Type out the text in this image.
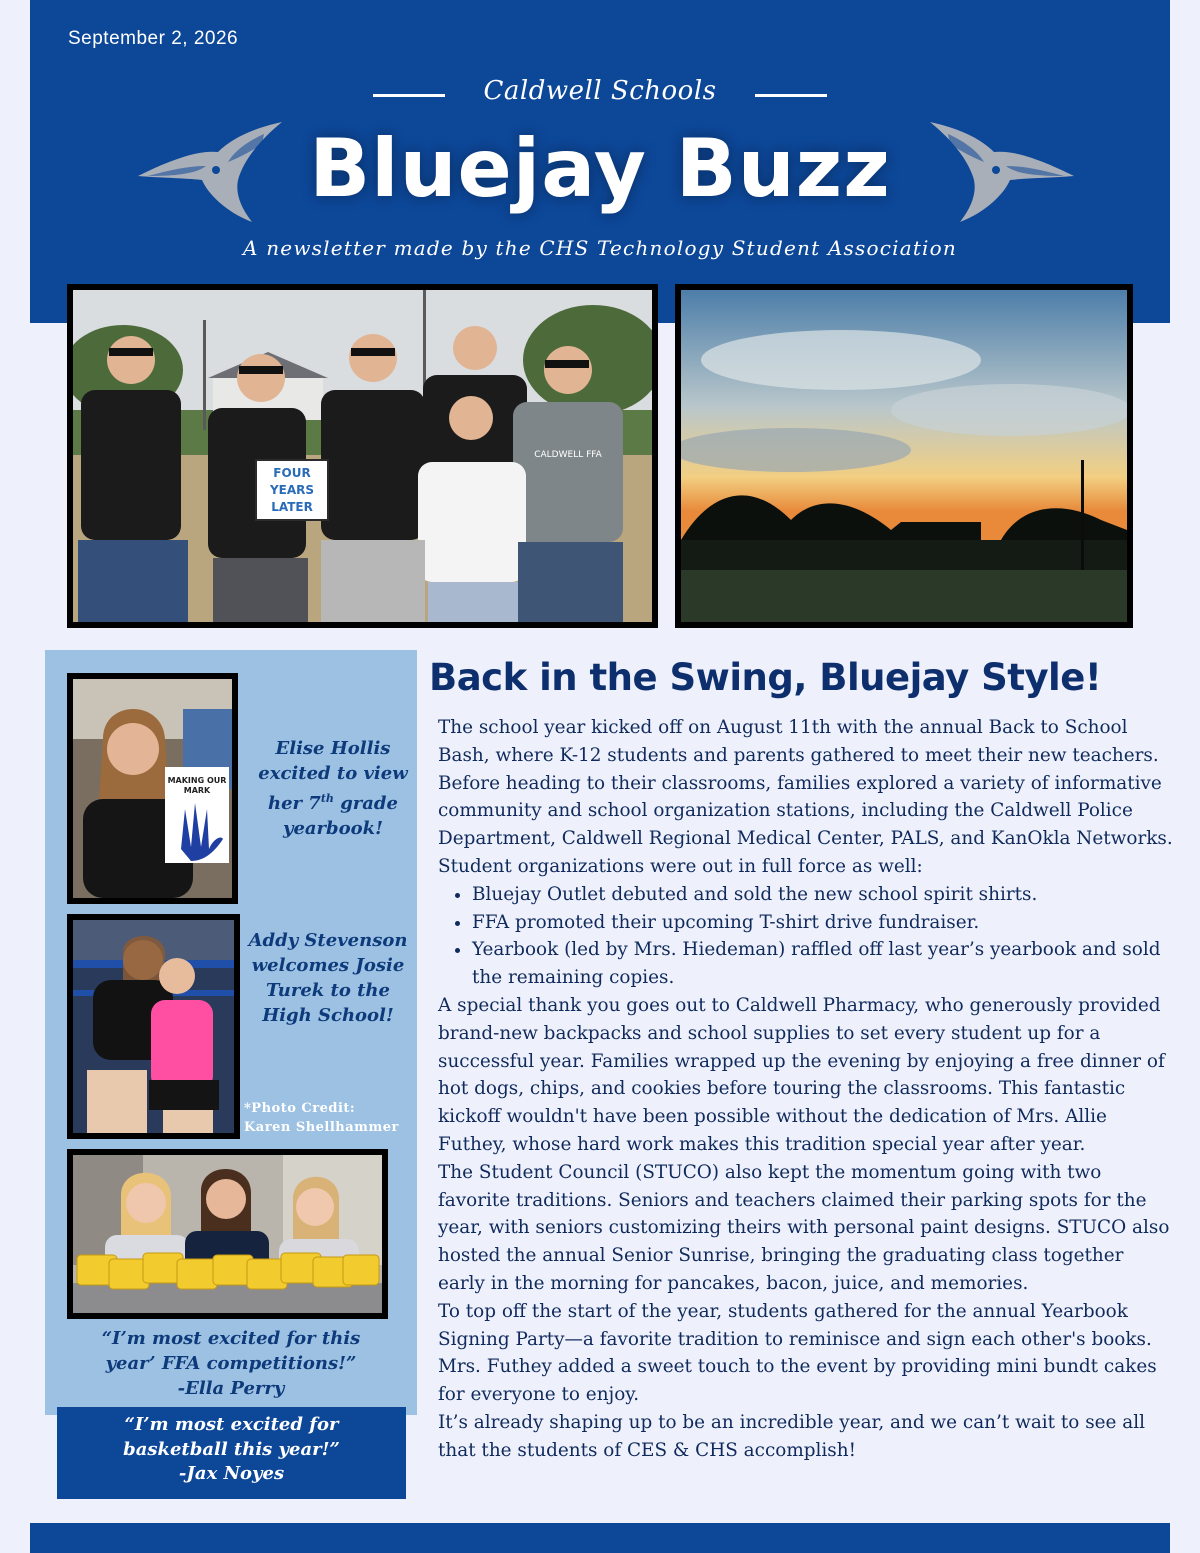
September 2, 2026
Caldwell Schools
Bluejay Buzz
A newsletter made by the CHS Technology Student Association
FOUR
YEARS
LATER
CALDWELL FFA
MAKING OUR
MARK
Elise Hollis
excited to view
her 7th grade
yearbook!
Addy Stevenson
welcomes Josie
Turek to the
High School!
*Photo Credit:
Karen Shellhammer
“I’m most excited for this
year’ FFA competitions!”
-Ella Perry
“I’m most excited for
basketball this year!”
-Jax Noyes
Back in the Swing, Bluejay Style!

The school year kicked off on August 11th with the annual Back to School Bash, where K-12 students and parents gathered to meet their new teachers. Before heading to their classrooms, families explored a variety of informative community and school organization stations, including the Caldwell Police Department, Caldwell Regional Medical Center, PALS, and KanOkla Networks.

Student organizations were out in full force as well:

• Bluejay Outlet debuted and sold the new school spirit shirts.
• FFA promoted their upcoming T-shirt drive fundraiser.
• Yearbook (led by Mrs. Hiedeman) raffled off last year’s yearbook and sold the remaining copies.

A special thank you goes out to Caldwell Pharmacy, who generously provided brand-new backpacks and school supplies to set every student up for a successful year. Families wrapped up the evening by enjoying a free dinner of hot dogs, chips, and cookies before touring the classrooms. This fantastic kickoff wouldn't have been possible without the dedication of Mrs. Allie Futhey, whose hard work makes this tradition special year after year.

The Student Council (STUCO) also kept the momentum going with two favorite traditions. Seniors and teachers claimed their parking spots for the year, with seniors customizing theirs with personal paint designs. STUCO also hosted the annual Senior Sunrise, bringing the graduating class together early in the morning for pancakes, bacon, juice, and memories.

To top off the start of the year, students gathered for the annual Yearbook Signing Party—a favorite tradition to reminisce and sign each other's books. Mrs. Futhey added a sweet touch to the event by providing mini bundt cakes for everyone to enjoy.

It’s already shaping up to be an incredible year, and we can’t wait to see all that the students of CES & CHS accomplish!
